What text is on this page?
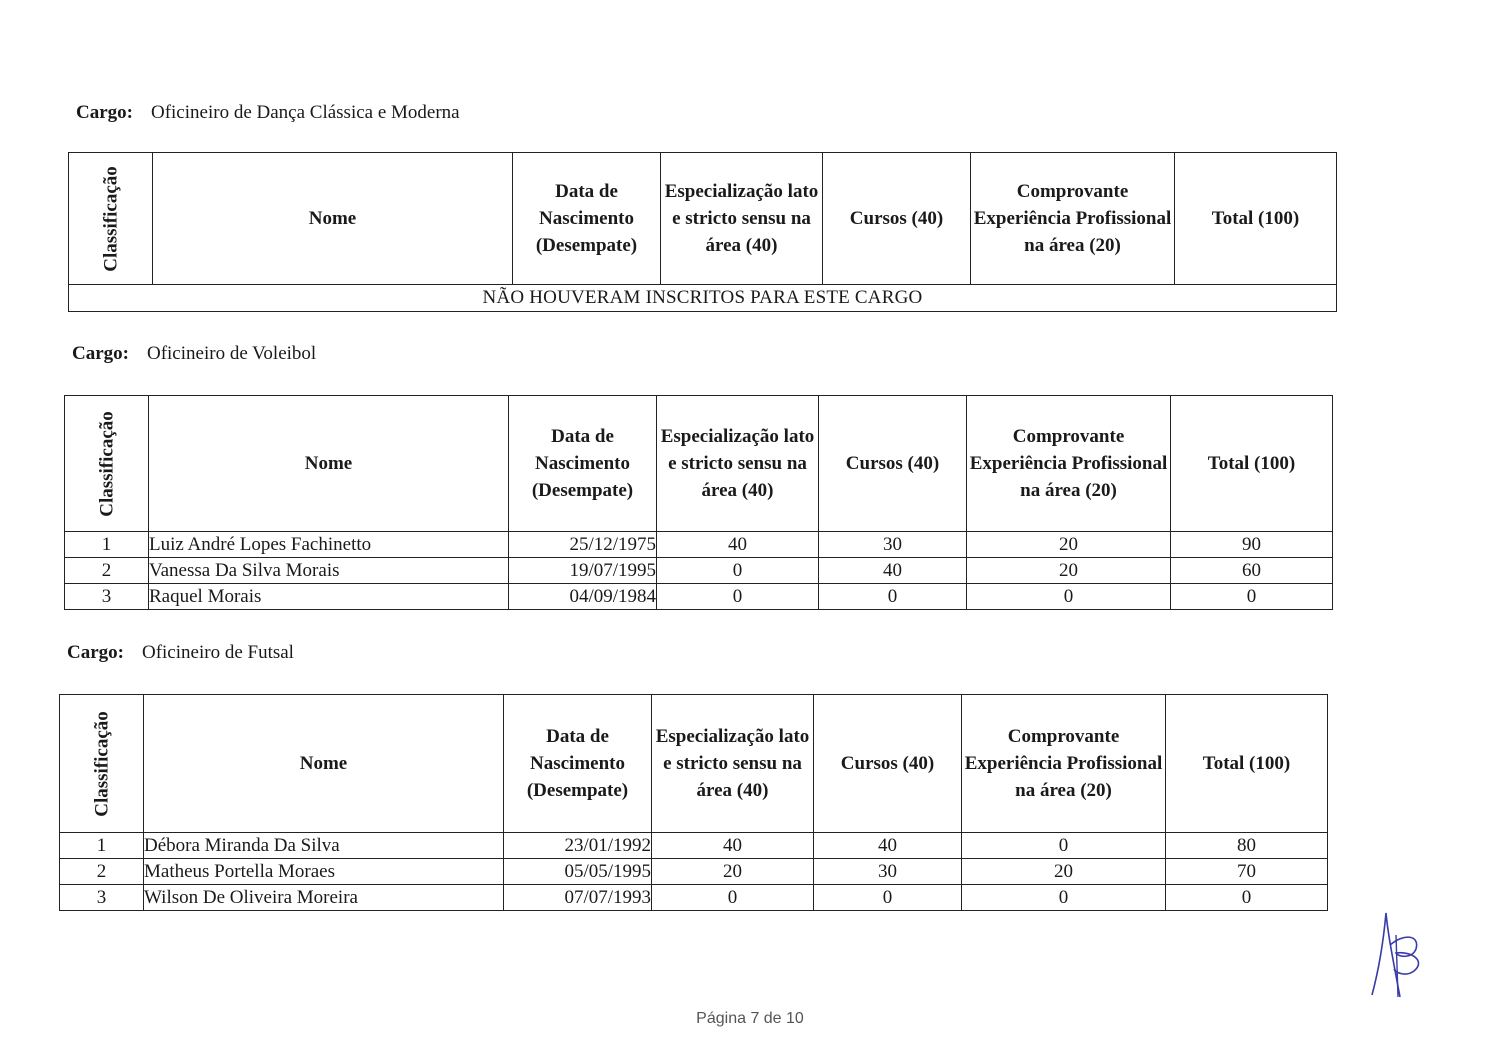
Cargo: Oficineiro de Dança Clássica e Moderna
Classificação	Nome	Data de Nascimento (Desempate)	Especialização lato e stricto sensu na área (40)	Cursos (40)	Comprovante Experiência Profissional na área (20)	Total (100)
NÃO HOUVERAM INSCRITOS PARA ESTE CARGO
Cargo: Oficineiro de Voleibol
Classificação	Nome	Data de Nascimento (Desempate)	Especialização lato e stricto sensu na área (40)	Cursos (40)	Comprovante Experiência Profissional na área (20)	Total (100)
1	Luiz André Lopes Fachinetto	25/12/1975	40	30	20	90
2	Vanessa Da Silva Morais	19/07/1995	0	40	20	60
3	Raquel Morais	04/09/1984	0	0	0	0
Cargo: Oficineiro de Futsal
Classificação	Nome	Data de Nascimento (Desempate)	Especialização lato e stricto sensu na área (40)	Cursos (40)	Comprovante Experiência Profissional na área (20)	Total (100)
1	Débora Miranda Da Silva	23/01/1992	40	40	0	80
2	Matheus Portella Moraes	05/05/1995	20	30	20	70
3	Wilson De Oliveira Moreira	07/07/1993	0	0	0	0
Página 7 de 10
